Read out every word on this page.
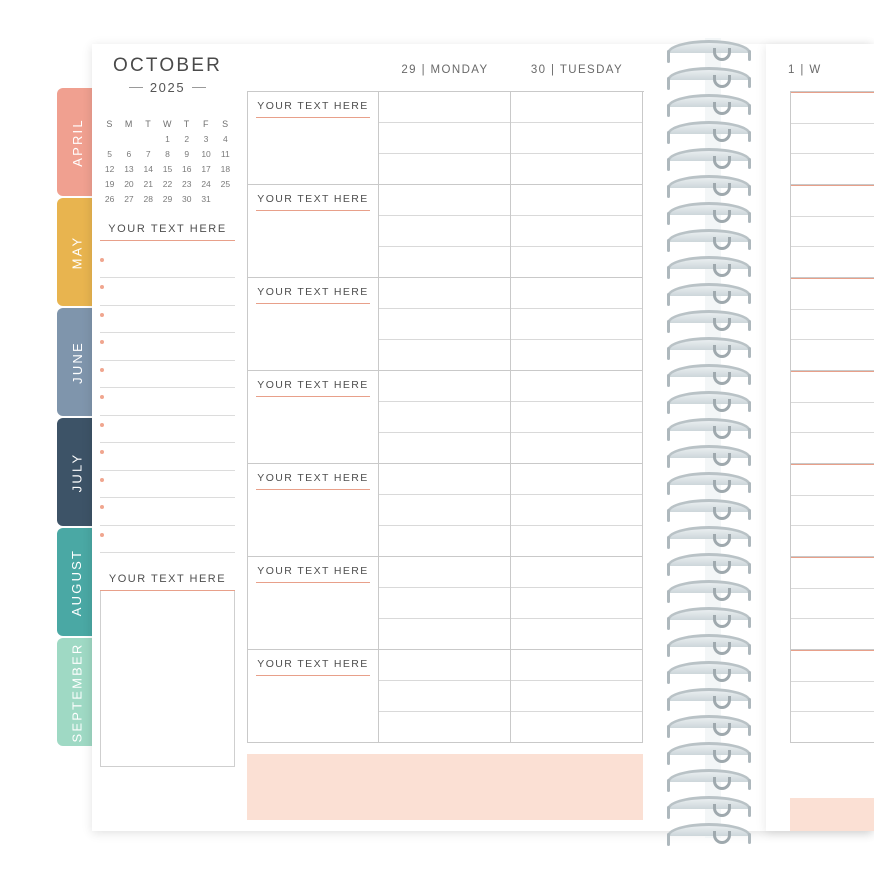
APRIL
MAY
JUNE
JULY
AUGUST
SEPTEMBER
OCTOBER
2025
S	M	T	W	T	F	S
			1	2	3	4
5	6	7	8	9	10	11
12	13	14	15	16	17	18
19	20	21	22	23	24	25
26	27	28	29	30	31	
YOUR TEXT HERE
YOUR TEXT HERE
29 | MONDAY	30 | TUESDAY
YOUR TEXT HERE
YOUR TEXT HERE
YOUR TEXT HERE
YOUR TEXT HERE
YOUR TEXT HERE
YOUR TEXT HERE
YOUR TEXT HERE
1 | W
